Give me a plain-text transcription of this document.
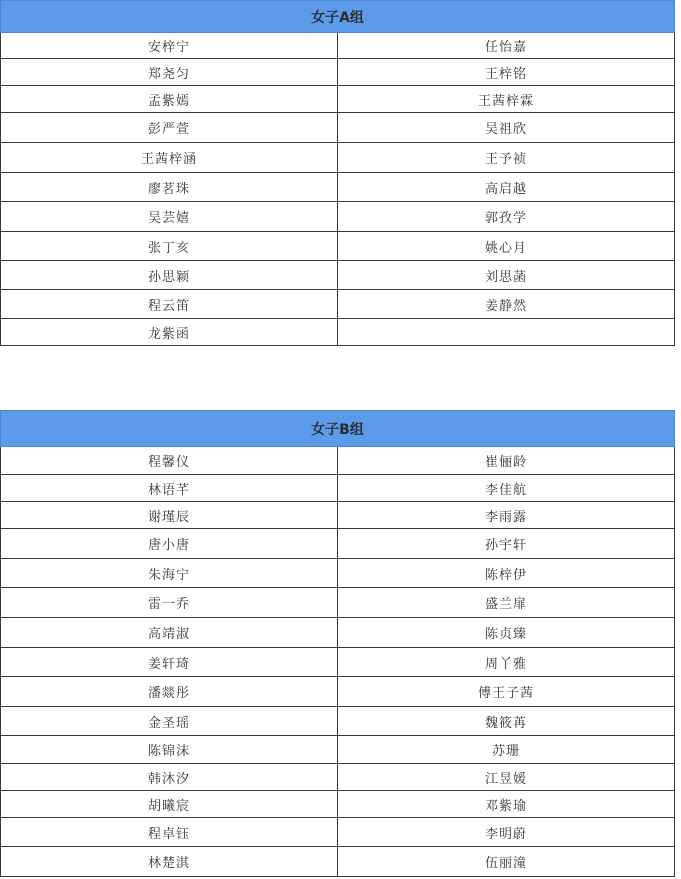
女子A组	
安梓宁	任怡嘉
郑尧匀	王梓铭
孟紫嫣	王茜梓霖
彭严萱	吴祖欣
王茜梓涵	王予祯
廖茗珠	高启越
吴芸嬉	郭孜学
张丁亥	姚心月
孙思颖	刘思菡
程云笛	姜静然
龙紫函	
女子B组	
程馨仪	崔俪龄
林语芊	李佳航
谢瑾辰	李雨露
唐小唐	孙宇轩
朱海宁	陈梓伊
雷一乔	盛兰扉
高靖淑	陈贞臻
姜轩琦	周丫雅
潘燚彤	傅王子茜
金圣瑶	魏筱苒
陈锦沫	苏珊
韩沐汐	江昱媛
胡曦宸	邓紫瑜
程卓钰	李明蔚
林楚淇	伍丽潼
